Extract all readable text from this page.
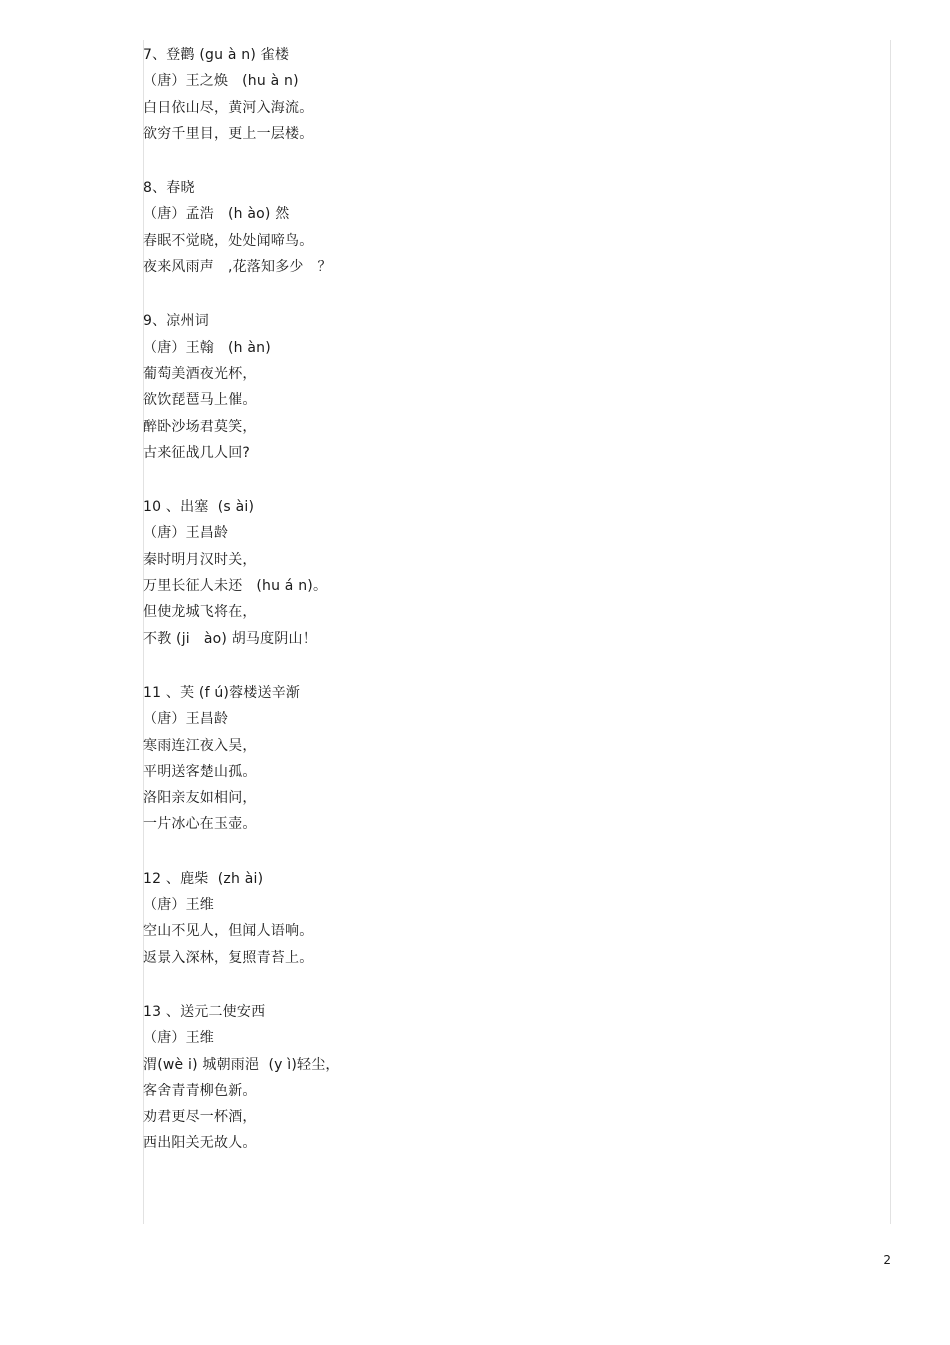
7、登鹳 (gu à n) 雀楼
（唐）王之焕   (hu à n)
白日依山尽，黄河入海流。
欲穷千里目，更上一层楼。
8、春晓
（唐）孟浩   (h ào) 然
春眠不觉晓，处处闻啼鸟。
夜来风雨声   ,花落知多少   ？
9、凉州词
（唐）王翰   (h àn)
葡萄美酒夜光杯，
欲饮琵琶马上催。
醉卧沙场君莫笑，
古来征战几人回?
10 、出塞  (s ài)
（唐）王昌龄
秦时明月汉时关，
万里长征人未还   (hu á n)。
但使龙城飞将在，
不教 (ji   ào) 胡马度阴山！
11 、芙 (f ú)蓉楼送辛渐
（唐）王昌龄
寒雨连江夜入吴，
平明送客楚山孤。
洛阳亲友如相问，
一片冰心在玉壶。
12 、鹿柴  (zh ài)
（唐）王维
空山不见人，但闻人语响。
返景入深林，复照青苔上。
13 、送元二使安西
（唐）王维
渭(wè i) 城朝雨浥  (y ì)轻尘，
客舍青青柳色新。
劝君更尽一杯酒，
西出阳关无故人。
2
